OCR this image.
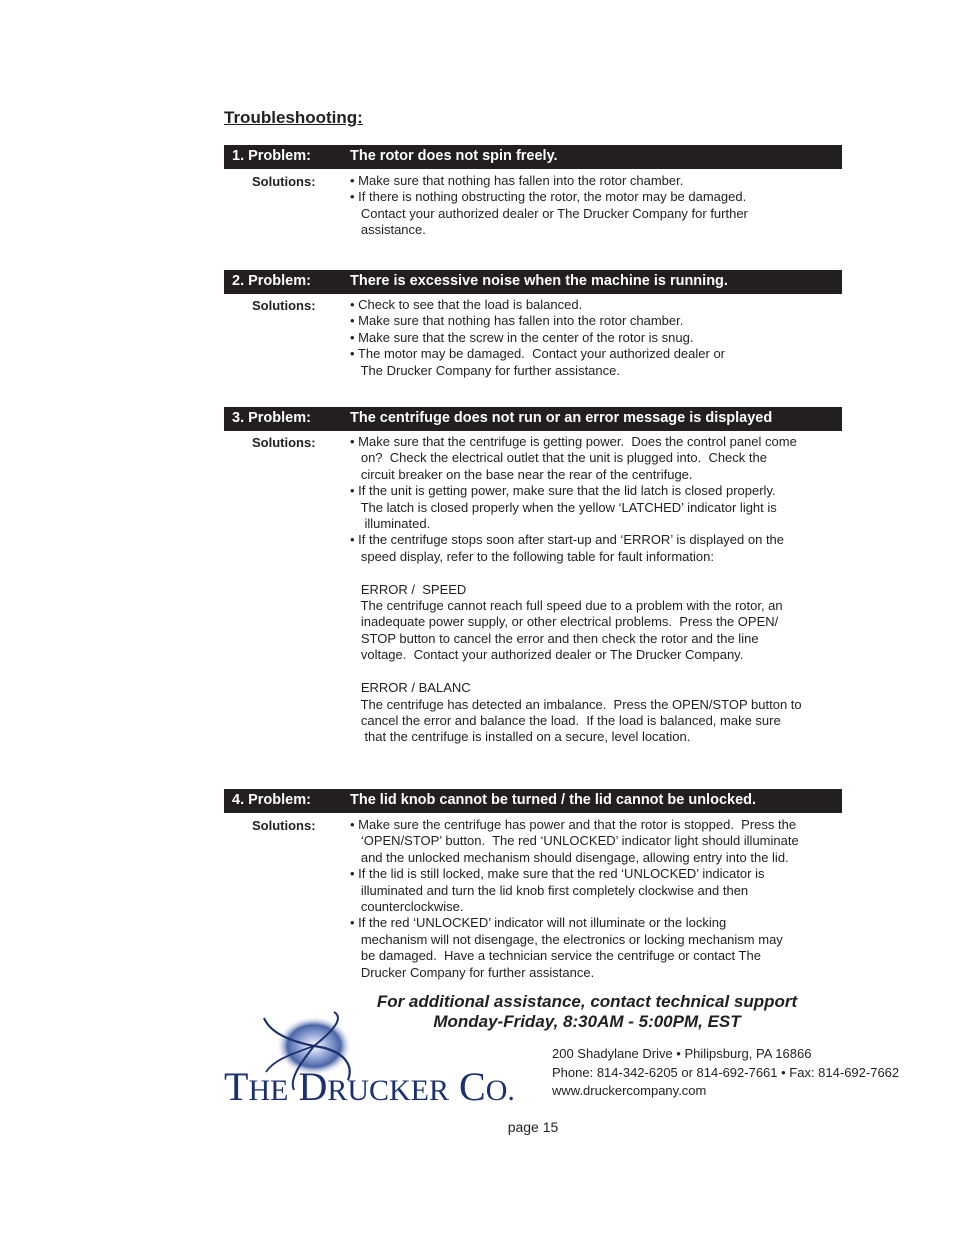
Troubleshooting:
1. Problem:	The rotor does not spin freely.
Solutions:	• Make sure that nothing has fallen into the rotor chamber.
• If there is nothing obstructing the rotor, the motor may be damaged.
Contact your authorized dealer or The Drucker Company for further
assistance.
2. Problem:	There is excessive noise when the machine is running.
Solutions:	• Check to see that the load is balanced.
• Make sure that nothing has fallen into the rotor chamber.
• Make sure that the screw in the center of the rotor is snug.
• The motor may be damaged.  Contact your authorized dealer or
The Drucker Company for further assistance.
3. Problem:	The centrifuge does not run or an error message is displayed
Solutions:	• Make sure that the centrifuge is getting power.  Does the control panel come
on?  Check the electrical outlet that the unit is plugged into.  Check the
circuit breaker on the base near the rear of the centrifuge.
• If the unit is getting power, make sure that the lid latch is closed properly.
The latch is closed properly when the yellow ‘LATCHED’ indicator light is
illuminated.
• If the centrifuge stops soon after start-up and ‘ERROR’ is displayed on the
speed display, refer to the following table for fault information:

ERROR /  SPEED
The centrifuge cannot reach full speed due to a problem with the rotor, an
inadequate power supply, or other electrical problems.  Press the OPEN/
STOP button to cancel the error and then check the rotor and the line
voltage.  Contact your authorized dealer or The Drucker Company.

ERROR / BALANC
The centrifuge has detected an imbalance.  Press the OPEN/STOP button to
cancel the error and balance the load.  If the load is balanced, make sure
that the centrifuge is installed on a secure, level location.
4. Problem:	The lid knob cannot be turned / the lid cannot be unlocked.
Solutions:	• Make sure the centrifuge has power and that the rotor is stopped.  Press the
‘OPEN/STOP’ button.  The red ‘UNLOCKED’ indicator light should illuminate
and the unlocked mechanism should disengage, allowing entry into the lid.
• If the lid is still locked, make sure that the red ‘UNLOCKED’ indicator is
illuminated and turn the lid knob first completely clockwise and then
counterclockwise.
• If the red ‘UNLOCKED’ indicator will not illuminate or the locking
mechanism will not disengage, the electronics or locking mechanism may
be damaged.  Have a technician service the centrifuge or contact The
Drucker Company for further assistance.
For additional assistance, contact technical support
Monday-Friday, 8:30AM - 5:00PM, EST
THE DRUCKER CO.
200 Shadylane Drive • Philipsburg, PA 16866
Phone: 814-342-6205 or 814-692-7661 • Fax: 814-692-7662
www.druckercompany.com
page 15
